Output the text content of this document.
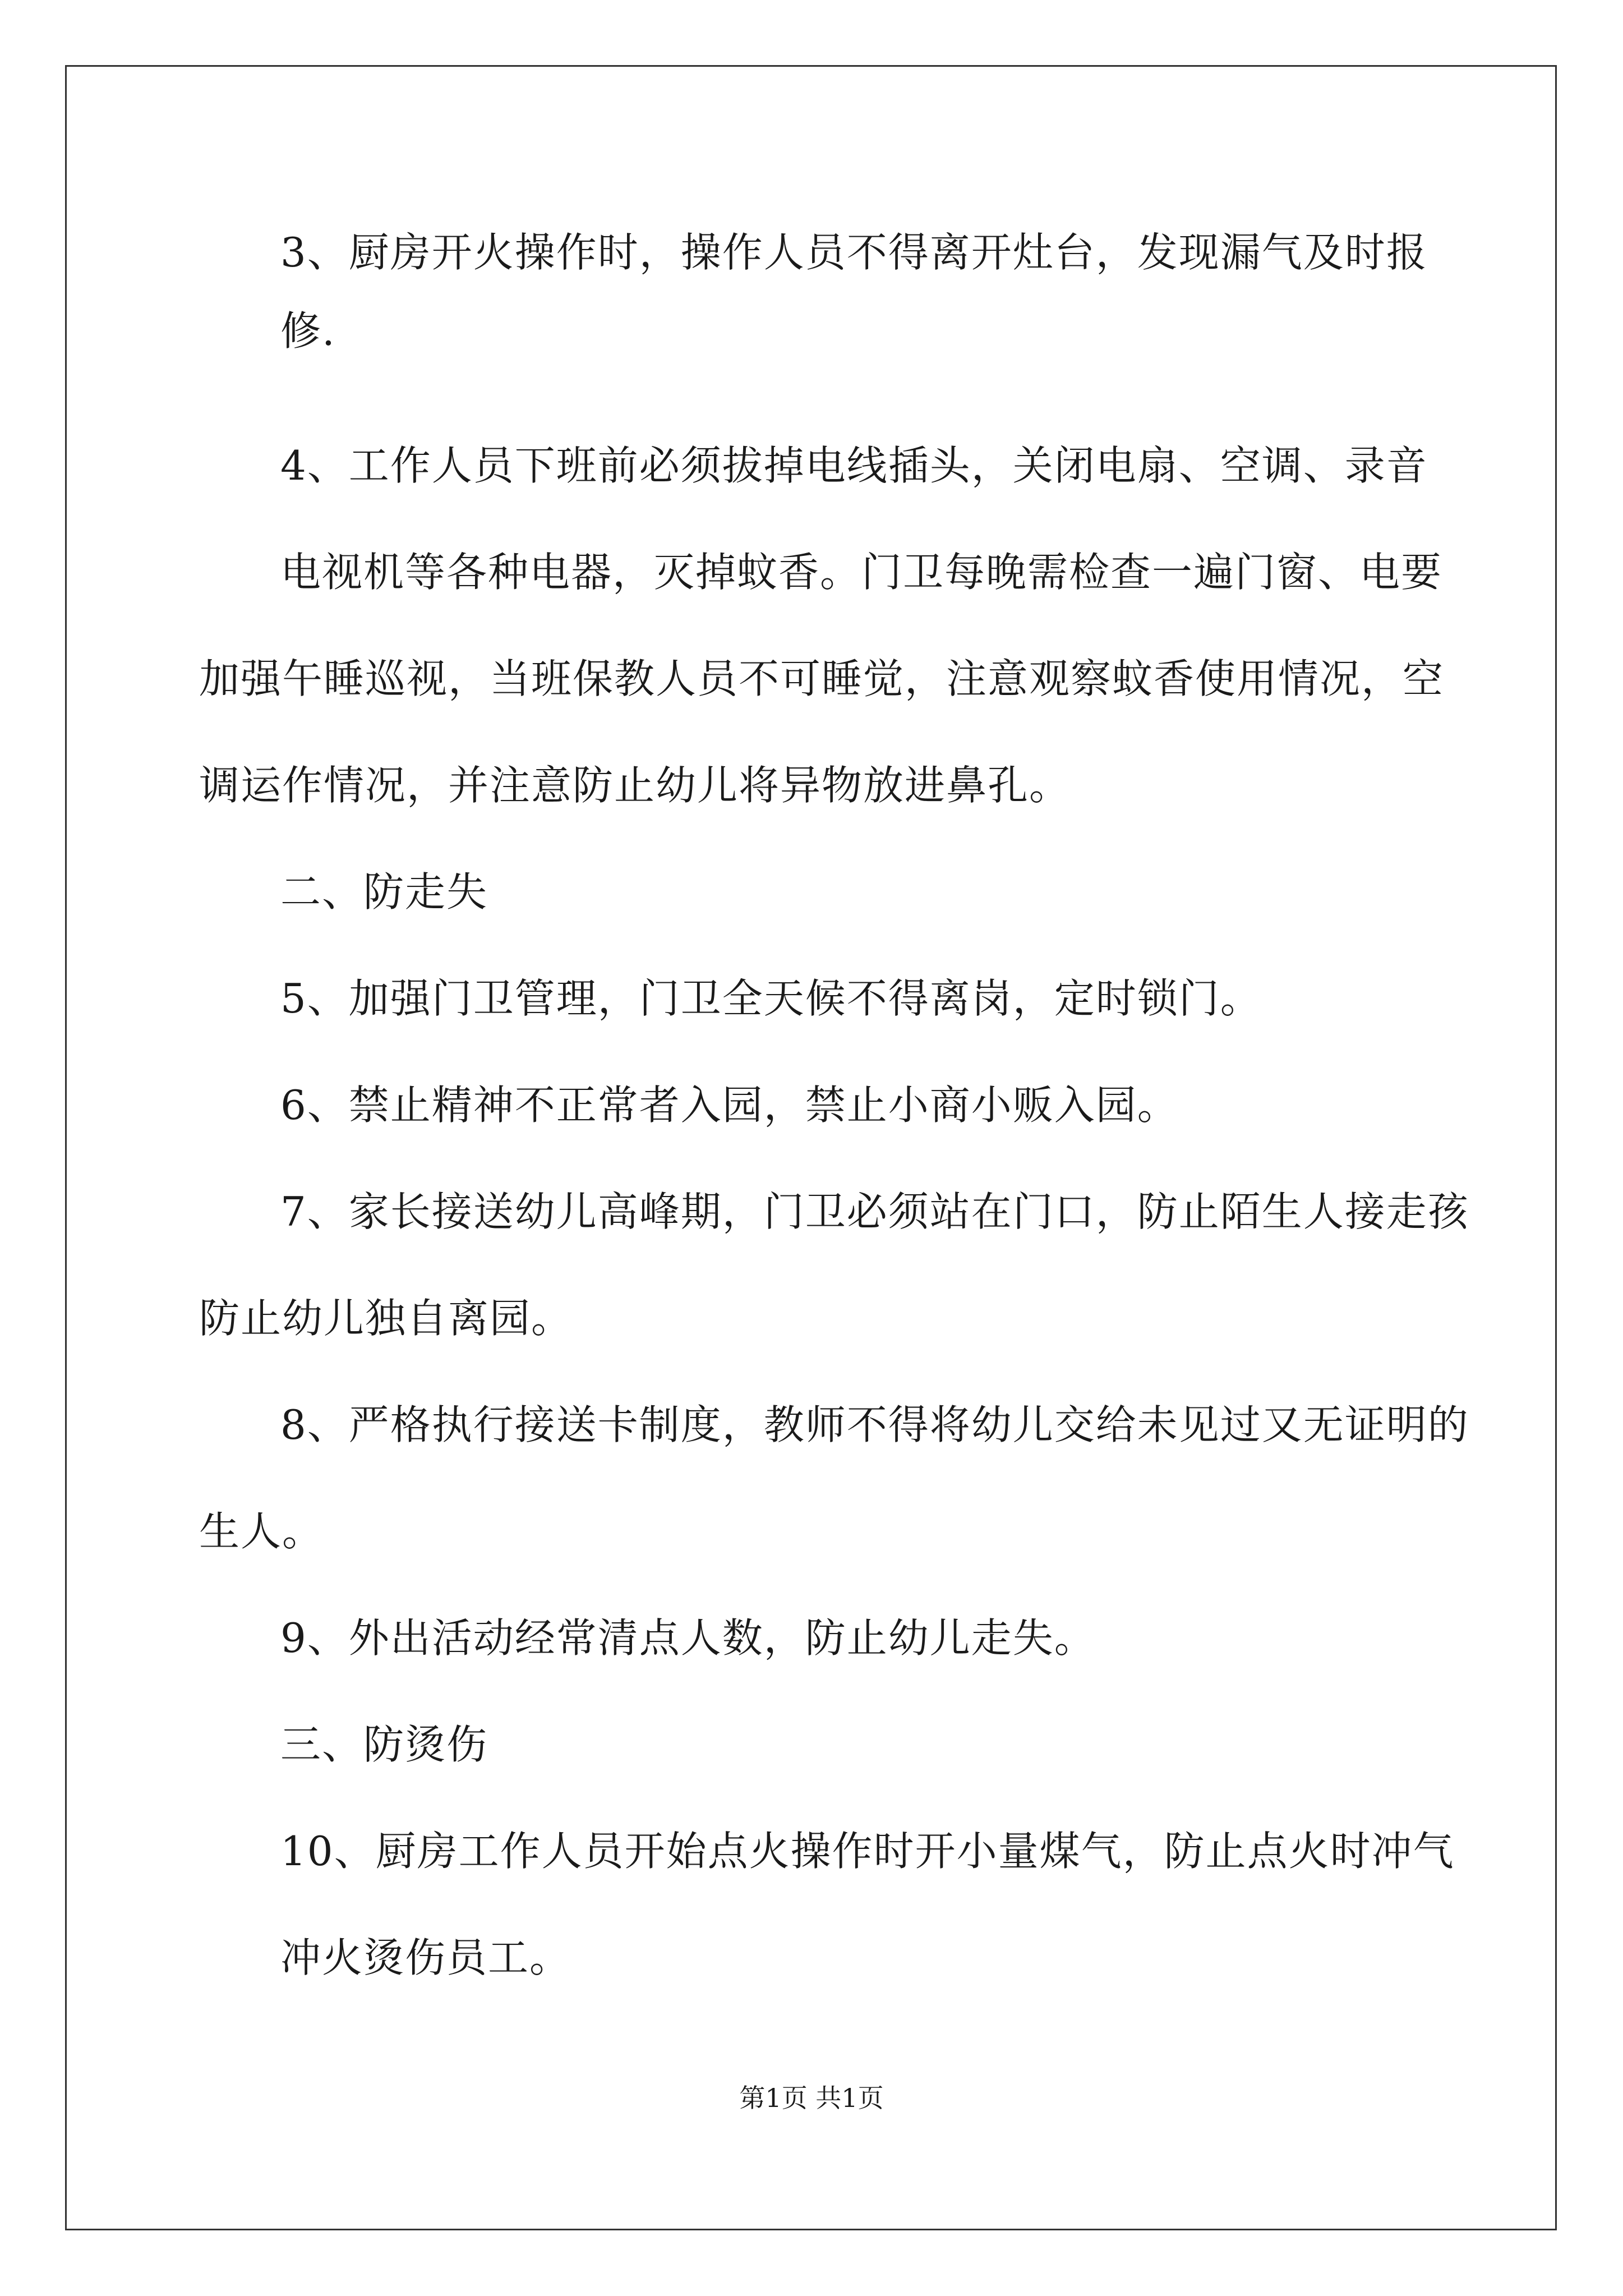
3、厨房开火操作时，操作人员不得离开灶台，发现漏气及时报
修.
4、工作人员下班前必须拔掉电线插头，关闭电扇、空调、录音
电视机等各种电器，灭掉蚊香。门卫每晚需检查一遍门窗、电要
加强午睡巡视，当班保教人员不可睡觉，注意观察蚊香使用情况，空
调运作情况，并注意防止幼儿将异物放进鼻孔。
二、防走失
5、加强门卫管理，门卫全天候不得离岗，定时锁门。
6、禁止精神不正常者入园，禁止小商小贩入园。
7、家长接送幼儿高峰期，门卫必须站在门口，防止陌生人接走孩
防止幼儿独自离园。
8、严格执行接送卡制度，教师不得将幼儿交给未见过又无证明的
生人。
9、外出活动经常清点人数，防止幼儿走失。
三、防烫伤
10、厨房工作人员开始点火操作时开小量煤气，防止点火时冲气
冲火烫伤员工。
第1页 共1页
